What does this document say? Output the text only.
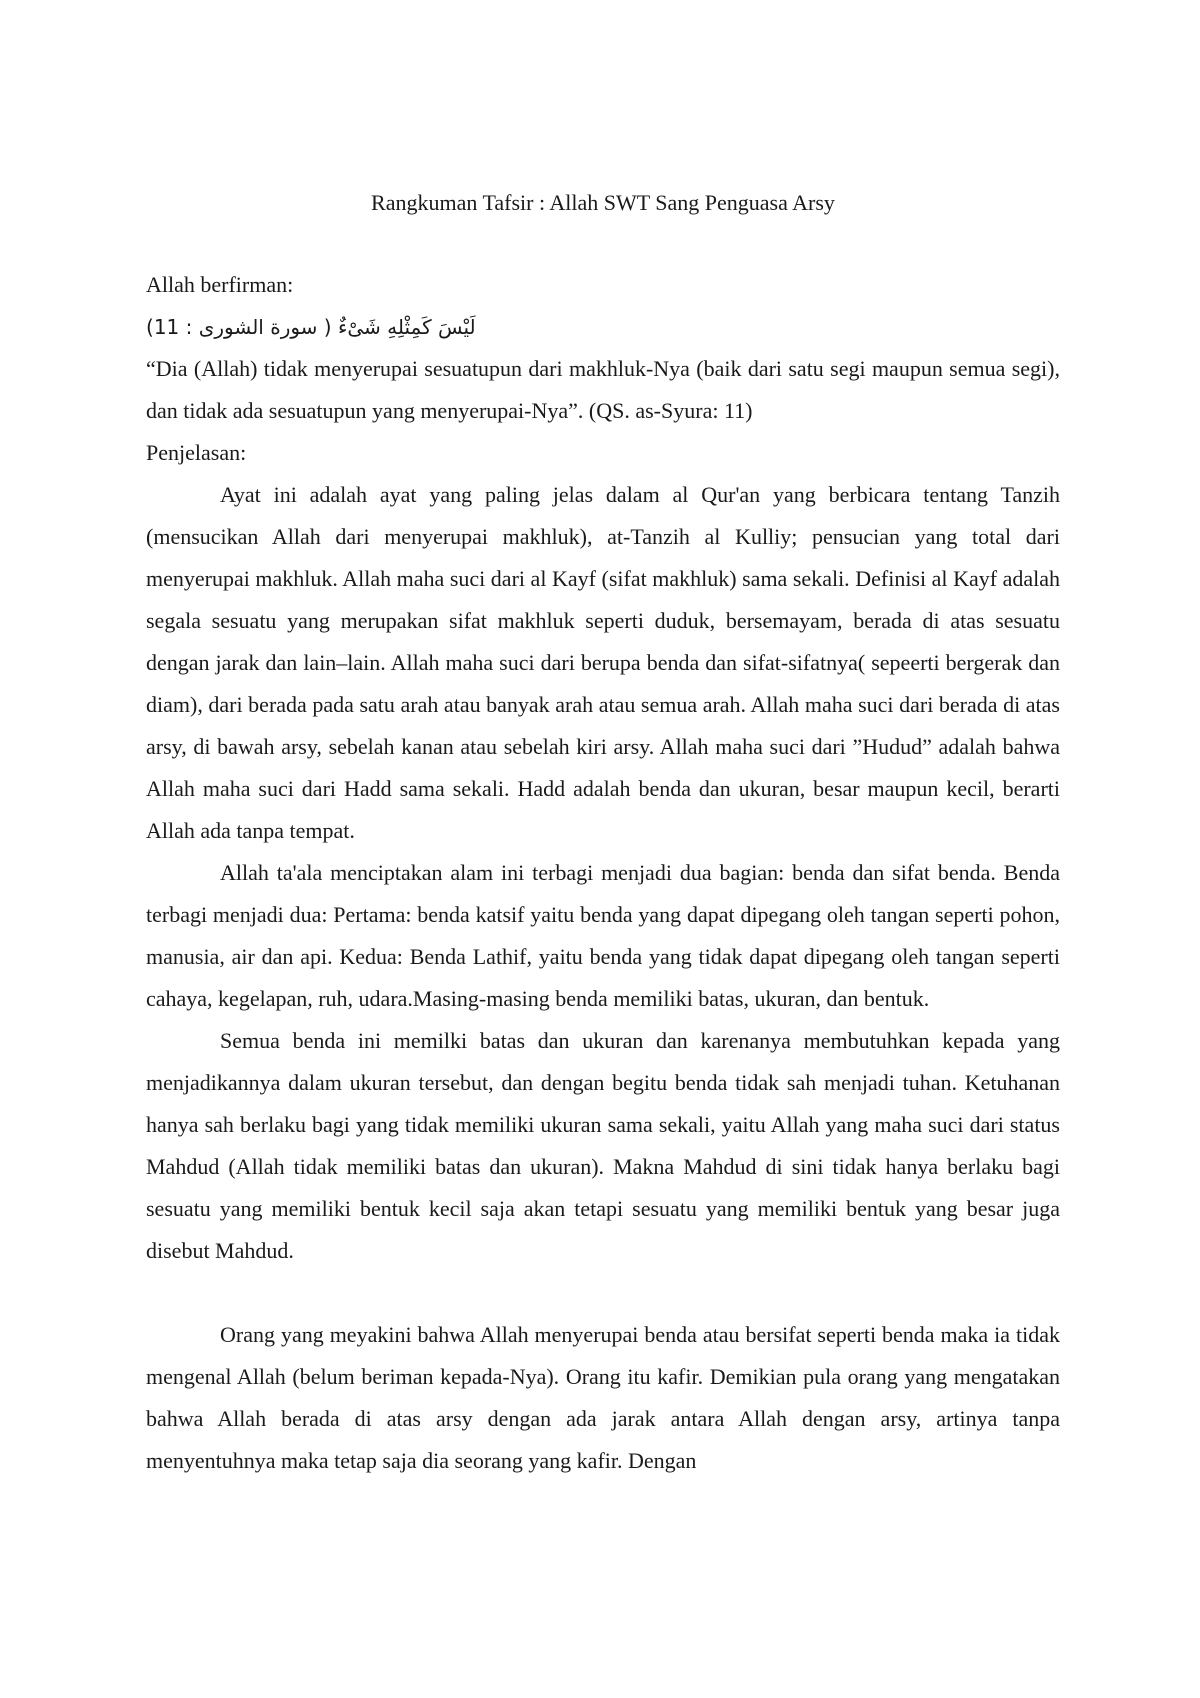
Rangkuman Tafsir : Allah SWT Sang Penguasa Arsy
Allah berfirman:
(لَيْسَ كَمِثْلِهِ شَىْءٌ ( سورة الشورى : 11

“Dia (Allah) tidak menyerupai sesuatupun dari makhluk-Nya (baik dari satu segi maupun semua segi), dan tidak ada sesuatupun yang menyerupai-Nya”. (QS. as-Syura: 11)

Penjelasan:

Ayat ini adalah ayat yang paling jelas dalam al Qur'an yang berbicara tentang Tanzih (mensucikan Allah dari menyerupai makhluk), at-Tanzih al Kulliy; pensucian yang total dari menyerupai makhluk. Allah maha suci dari al Kayf (sifat makhluk) sama sekali. Definisi al Kayf adalah segala sesuatu yang merupakan sifat makhluk seperti duduk, bersemayam, berada di atas sesuatu dengan jarak dan lain–lain. Allah maha suci dari berupa benda dan sifat-sifatnya( sepeerti bergerak dan diam), dari berada pada satu arah atau banyak arah atau semua arah. Allah maha suci dari berada di atas arsy, di bawah arsy, sebelah kanan atau sebelah kiri arsy. Allah maha suci dari ”Hudud” adalah bahwa Allah maha suci dari Hadd sama sekali. Hadd adalah benda dan ukuran, besar maupun kecil, berarti Allah ada tanpa tempat.

Allah ta'ala menciptakan alam ini terbagi menjadi dua bagian: benda dan sifat benda. Benda terbagi menjadi dua: Pertama: benda katsif yaitu benda yang dapat dipegang oleh tangan seperti pohon, manusia, air dan api. Kedua: Benda Lathif, yaitu benda yang tidak dapat dipegang oleh tangan seperti cahaya, kegelapan, ruh, udara.Masing-masing benda memiliki batas, ukuran, dan bentuk.

Semua benda ini memilki batas dan ukuran dan karenanya membutuhkan kepada yang menjadikannya dalam ukuran tersebut, dan dengan begitu benda tidak sah menjadi tuhan. Ketuhanan hanya sah berlaku bagi yang tidak memiliki ukuran sama sekali, yaitu Allah yang maha suci dari status Mahdud (Allah tidak memiliki batas dan ukuran). Makna Mahdud di sini tidak hanya berlaku bagi sesuatu yang memiliki bentuk kecil saja akan tetapi sesuatu yang memiliki bentuk yang besar juga disebut Mahdud.

Orang yang meyakini bahwa Allah menyerupai benda atau bersifat seperti benda maka ia tidak mengenal Allah (belum beriman kepada-Nya). Orang itu kafir. Demikian pula orang yang mengatakan bahwa Allah berada di atas arsy dengan ada jarak antara Allah dengan arsy, artinya tanpa menyentuhnya maka tetap saja dia seorang yang kafir. Dengan
